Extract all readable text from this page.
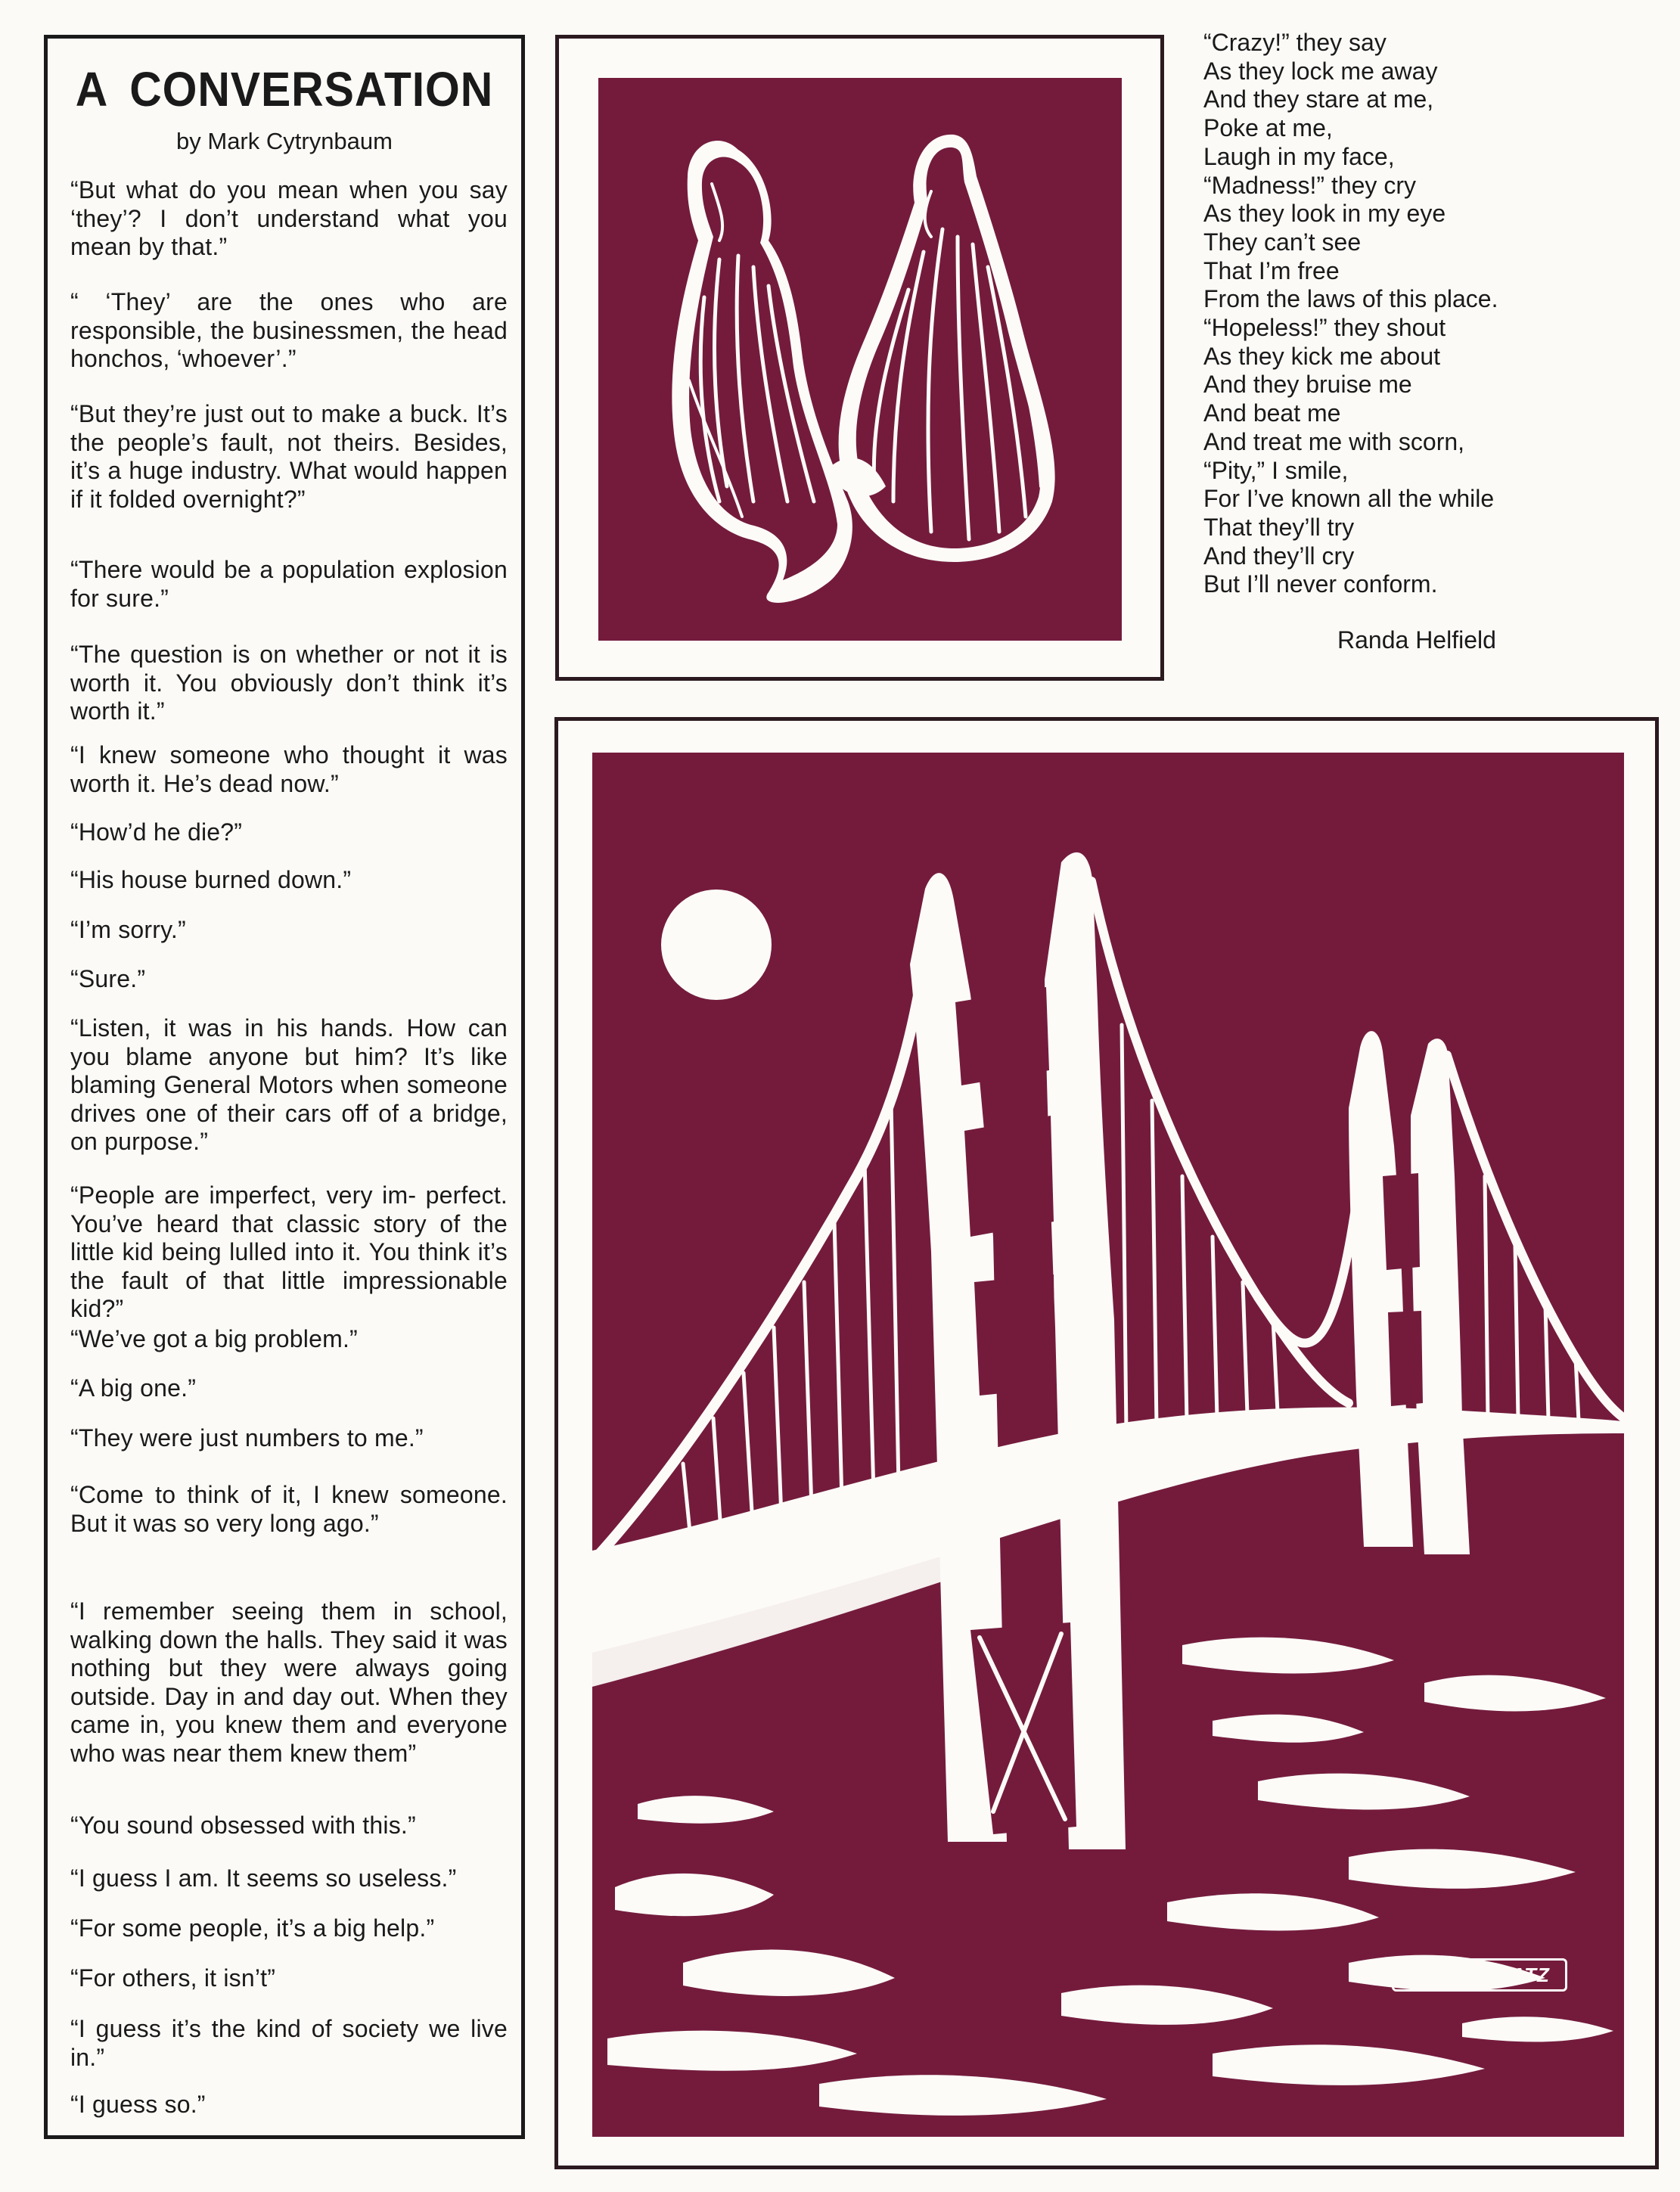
A CONVERSATION
by Mark Cytrynbaum
“But what do you mean when you say ‘they’? I don’t understand what you mean by that.”
“ ‘They’ are the ones who are responsible, the businessmen, the head honchos, ‘whoever’.”
“But they’re just out to make a buck. It’s the people’s fault, not theirs. Besides, it’s a huge industry. What would happen if it folded overnight?”
“There would be a population explosion for sure.”
“The question is on whether or not it is worth it. You obviously don’t think it’s worth it.”
“I knew someone who thought it was worth it. He’s dead now.”
“How’d he die?”
“His house burned down.”
“I’m sorry.”
“Sure.”
“Listen, it was in his hands. How can you blame anyone but him? It’s like blaming General Motors when someone drives one of their cars off of a bridge, on purpose.”
“People are imperfect, very im- perfect. You’ve heard that classic story of the little kid being lulled into it. You think it’s the fault of that little impressionable kid?”
“We’ve got a big problem.”
“A big one.”
“They were just numbers to me.”
“Come to think of it, I knew someone. But it was so very long ago.”
“I remember seeing them in school, walking down the halls. They said it was nothing but they were always going outside. Day in and day out. When they came in, you knew them and everyone who was near them knew them”
“You sound obsessed with this.”
“I guess I am. It seems so useless.”
“For some people, it’s a big help.”
“For others, it isn’t”
“I guess it’s the kind of society we live in.”
“I guess so.”
“Crazy!” they say
As they lock me away
And they stare at me,
Poke at me,
Laugh in my face,
“Madness!” they cry
As they look in my eye
They can’t see
That I’m free
From the laws of this place.
“Hopeless!” they shout
As they kick me about
And they bruise me
And beat me
And treat me with scorn,
“Pity,” I smile,
For I’ve known all the while
That they’ll try
And they’ll cry
But I’ll never conform.
Randa Helfield
ADINA BRATZ
